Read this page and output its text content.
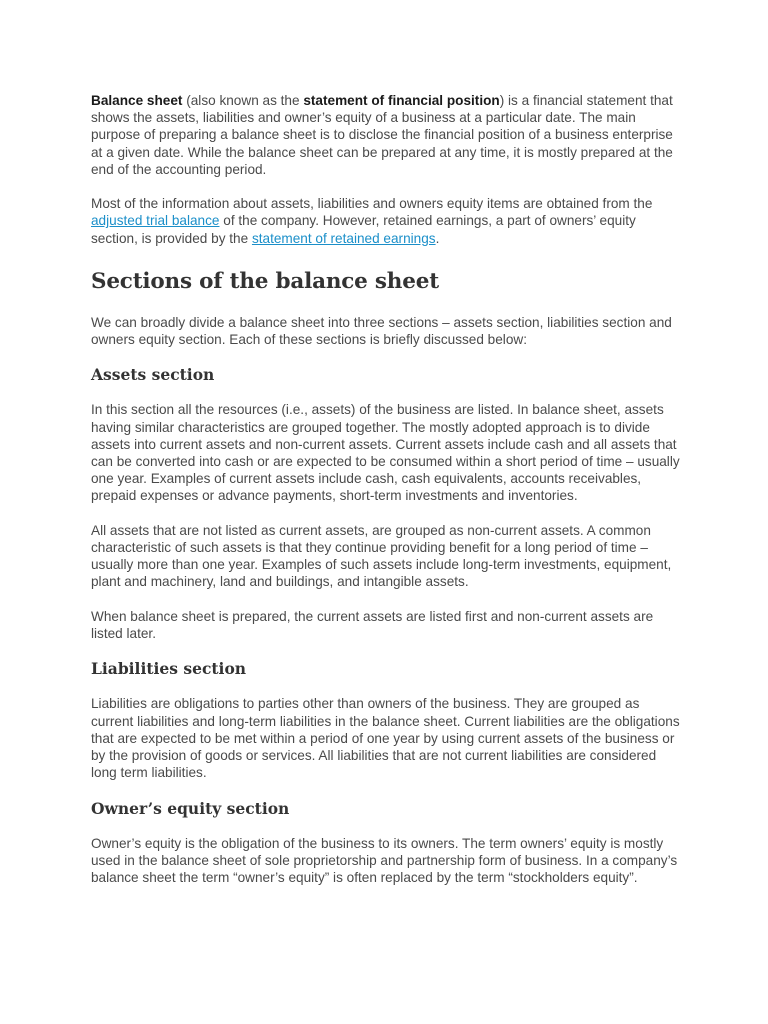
Balance sheet (also known as the statement of financial position) is a financial statement that shows the assets, liabilities and owner’s equity of a business at a particular date. The main purpose of preparing a balance sheet is to disclose the financial position of a business enterprise at a given date. While the balance sheet can be prepared at any time, it is mostly prepared at the end of the accounting period.

Most of the information about assets, liabilities and owners equity items are obtained from the adjusted trial balance of the company. However, retained earnings, a part of owners’ equity section, is provided by the statement of retained earnings.

Sections of the balance sheet

We can broadly divide a balance sheet into three sections – assets section, liabilities section and owners equity section. Each of these sections is briefly discussed below:

Assets section

In this section all the resources (i.e., assets) of the business are listed. In balance sheet, assets having similar characteristics are grouped together. The mostly adopted approach is to divide assets into current assets and non-current assets. Current assets include cash and all assets that can be converted into cash or are expected to be consumed within a short period of time – usually one year. Examples of current assets include cash, cash equivalents, accounts receivables, prepaid expenses or advance payments, short-term investments and inventories.

All assets that are not listed as current assets, are grouped as non-current assets. A common characteristic of such assets is that they continue providing benefit for a long period of time – usually more than one year. Examples of such assets include long-term investments, equipment, plant and machinery, land and buildings, and intangible assets.

When balance sheet is prepared, the current assets are listed first and non-current assets are listed later.

Liabilities section

Liabilities are obligations to parties other than owners of the business. They are grouped as current liabilities and long-term liabilities in the balance sheet. Current liabilities are the obligations that are expected to be met within a period of one year by using current assets of the business or by the provision of goods or services. All liabilities that are not current liabilities are considered long term liabilities.

Owner’s equity section

Owner’s equity is the obligation of the business to its owners. The term owners’ equity is mostly used in the balance sheet of sole proprietorship and partnership form of business. In a company’s balance sheet the term “owner’s equity” is often replaced by the term “stockholders equity”.
